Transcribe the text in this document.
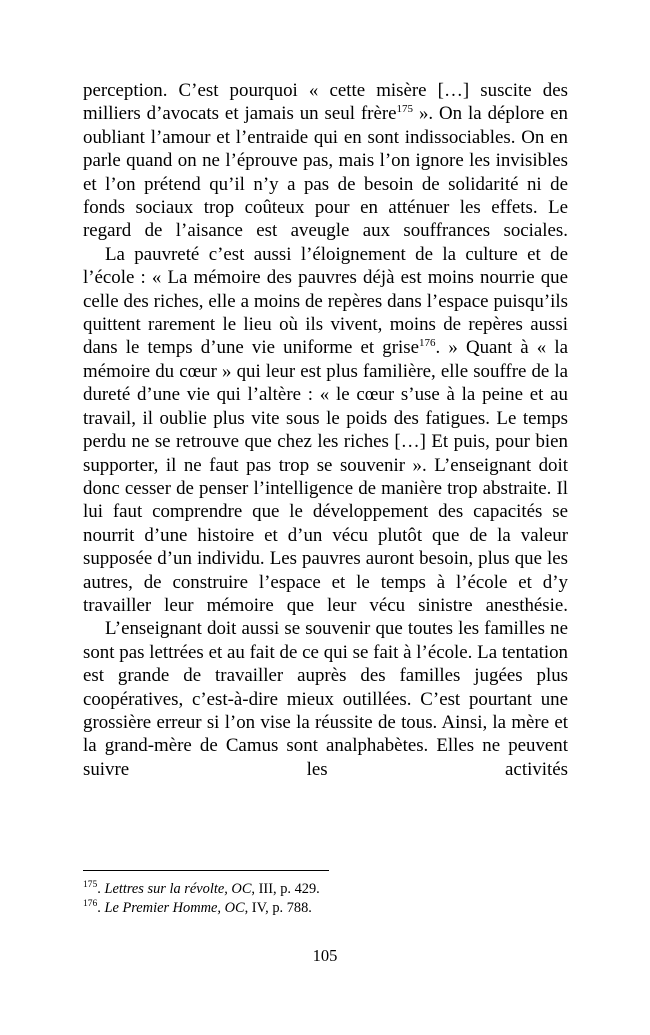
perception. C’est pourquoi « cette misère […] suscite des milliers d’avocats et jamais un seul frère$^{175}$ ». On la déplore en oubliant l’amour et l’entraide qui en sont indissociables. On en parle quand on ne l’éprouve pas, mais l’on ignore les invisibles et l’on prétend qu’il n’y a pas de besoin de solidarité ni de fonds sociaux trop coûteux pour en atténuer les effets. Le regard de l’aisance est aveugle aux souffrances sociales.

La pauvreté c’est aussi l’éloignement de la culture et de l’école : « La mémoire des pauvres déjà est moins nourrie que celle des riches, elle a moins de repères dans l’espace puisqu’ils quittent rarement le lieu où ils vivent, moins de repères aussi dans le temps d’une vie uniforme et grise$^{176}$. » Quant à « la mémoire du cœur » qui leur est plus familière, elle souffre de la dureté d’une vie qui l’altère : « le cœur s’use à la peine et au travail, il oublie plus vite sous le poids des fatigues. Le temps perdu ne se retrouve que chez les riches […] Et puis, pour bien supporter, il ne faut pas trop se souvenir ». L’enseignant doit donc cesser de penser l’intelligence de manière trop abstraite. Il lui faut comprendre que le développement des capacités se nourrit d’une histoire et d’un vécu plutôt que de la valeur supposée d’un individu. Les pauvres auront besoin, plus que les autres, de construire l’espace et le temps à l’école et d’y travailler leur mémoire que leur vécu sinistre anesthésie.

L’enseignant doit aussi se souvenir que toutes les familles ne sont pas lettrées et au fait de ce qui se fait à l’école. La tentation est grande de travailler auprès des familles jugées plus coopératives, c’est-à-dire mieux outillées. C’est pourtant une grossière erreur si l’on vise la réussite de tous. Ainsi, la mère et la grand-mère de Camus sont analphabètes. Elles ne peuvent suivre les activités

$^{175}$. Lettres sur la révolte, OC, III, p. 429.

$^{176}$. Le Premier Homme, OC, IV, p. 788.

105
